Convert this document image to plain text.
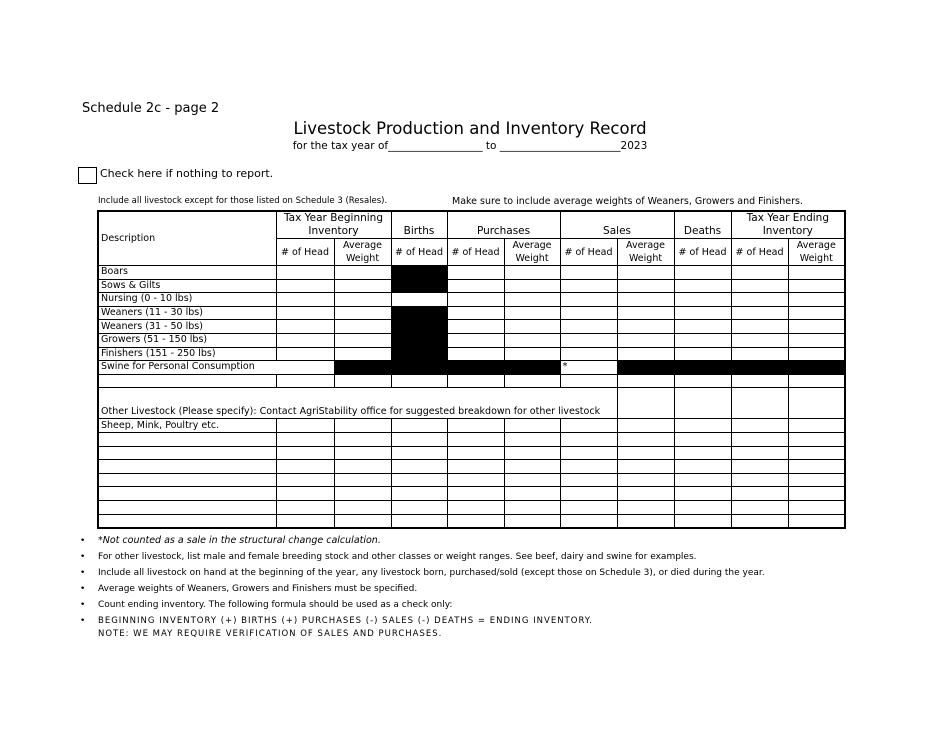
Schedule 2c - page 2
Livestock Production and Inventory Record
for the tax year of__________________ to _______________________2023
Check here if nothing to report.
Include all livestock except for those listed on Schedule 3 (Resales).	Make sure to include average weights of Weaners, Growers and Finishers.
Description	Tax Year Beginning Inventory		Births	Purchases		Sales		Deaths	Tax Year Ending Inventory	
	# of Head	Average Weight	# of Head	# of Head	Average Weight	# of Head	Average Weight	# of Head	# of Head	Average Weight
Boars										
Sows & Gilts										
Nursing (0 - 10 lbs)										
Weaners (11 - 30 lbs)										
Weaners (31 - 50 lbs)										
Growers (51 - 150 lbs)										
Finishers (151 - 250 lbs)										
Swine for Personal Consumption						*				

Other Livestock (Please specify): Contact AgriStability office for suggested breakdown for other livestock										
Sheep, Mink, Poultry etc.										

• *Not counted as a sale in the structural change calculation.
• For other livestock, list male and female breeding stock and other classes or weight ranges. See beef, dairy and swine for examples.
• Include all livestock on hand at the beginning of the year, any livestock born, purchased/sold (except those on Schedule 3), or died during the year.
• Average weights of Weaners, Growers and Finishers must be specified.
• Count ending inventory. The following formula should be used as a check only:
• BEGINNING INVENTORY (+) BIRTHS (+) PURCHASES (-) SALES (-) DEATHS = ENDING INVENTORY.
NOTE: WE MAY REQUIRE VERIFICATION OF SALES AND PURCHASES.
